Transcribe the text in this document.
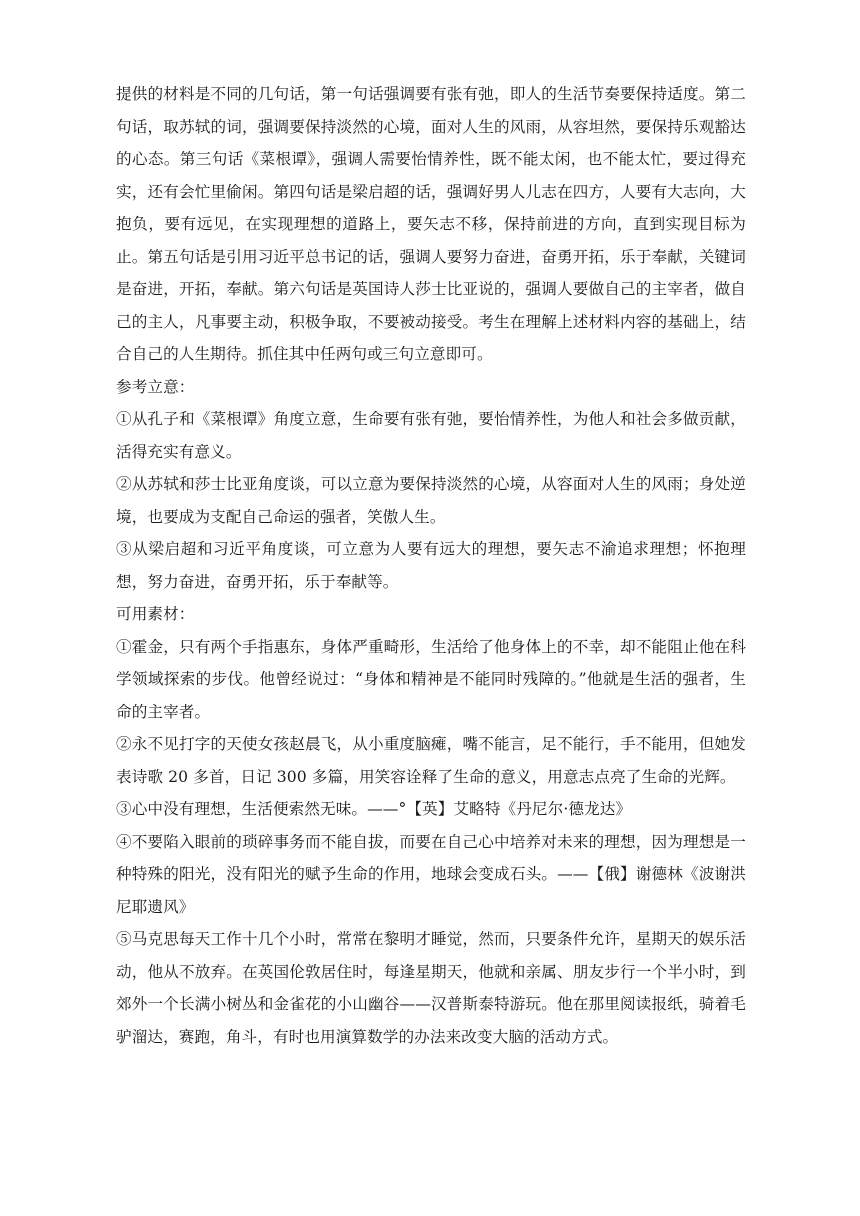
提供的材料是不同的几句话，第一句话强调要有张有弛，即人的生活节奏要保持适度。第二句话，取苏轼的词，强调要保持淡然的心境，面对人生的风雨，从容坦然，要保持乐观豁达的心态。第三句话《菜根谭》，强调人需要怡情养性，既不能太闲，也不能太忙，要过得充实，还有会忙里偷闲。第四句话是梁启超的话，强调好男人儿志在四方，人要有大志向，大抱负，要有远见，在实现理想的道路上，要矢志不移，保持前进的方向，直到实现目标为止。第五句话是引用习近平总书记的话，强调人要努力奋进，奋勇开拓，乐于奉献，关键词是奋进，开拓，奉献。第六句话是英国诗人莎士比亚说的，强调人要做自己的主宰者，做自己的主人，凡事要主动，积极争取，不要被动接受。考生在理解上述材料内容的基础上，结合自己的人生期待。抓住其中任两句或三句立意即可。

参考立意：

①从孔子和《菜根谭》角度立意，生命要有张有弛，要怡情养性，为他人和社会多做贡献，活得充实有意义。

②从苏轼和莎士比亚角度谈，可以立意为要保持淡然的心境，从容面对人生的风雨；身处逆境，也要成为支配自己命运的强者，笑傲人生。

③从梁启超和习近平角度谈，可立意为人要有远大的理想，要矢志不渝追求理想；怀抱理想，努力奋进，奋勇开拓，乐于奉献等。

可用素材：

①霍金，只有两个手指惠东，身体严重畸形，生活给了他身体上的不幸，却不能阻止他在科学领域探索的步伐。他曾经说过：“身体和精神是不能同时残障的。”他就是生活的强者，生命的主宰者。

②永不见打字的天使女孩赵晨飞，从小重度脑瘫，嘴不能言，足不能行，手不能用，但她发表诗歌 20 多首，日记 300 多篇，用笑容诠释了生命的意义，用意志点亮了生命的光辉。

③心中没有理想，生活便索然无味。——°【英】艾略特《丹尼尔·德龙达》

④不要陷入眼前的琐碎事务而不能自拔，而要在自己心中培养对未来的理想，因为理想是一种特殊的阳光，没有阳光的赋予生命的作用，地球会变成石头。——【俄】谢德林《波谢洪尼耶遗风》

⑤马克思每天工作十几个小时，常常在黎明才睡觉，然而，只要条件允许，星期天的娱乐活动，他从不放弃。在英国伦敦居住时，每逢星期天，他就和亲属、朋友步行一个半小时，到郊外一个长满小树丛和金雀花的小山幽谷——汉普斯泰特游玩。他在那里阅读报纸，骑着毛驴溜达，赛跑，角斗，有时也用演算数学的办法来改变大脑的活动方式。
